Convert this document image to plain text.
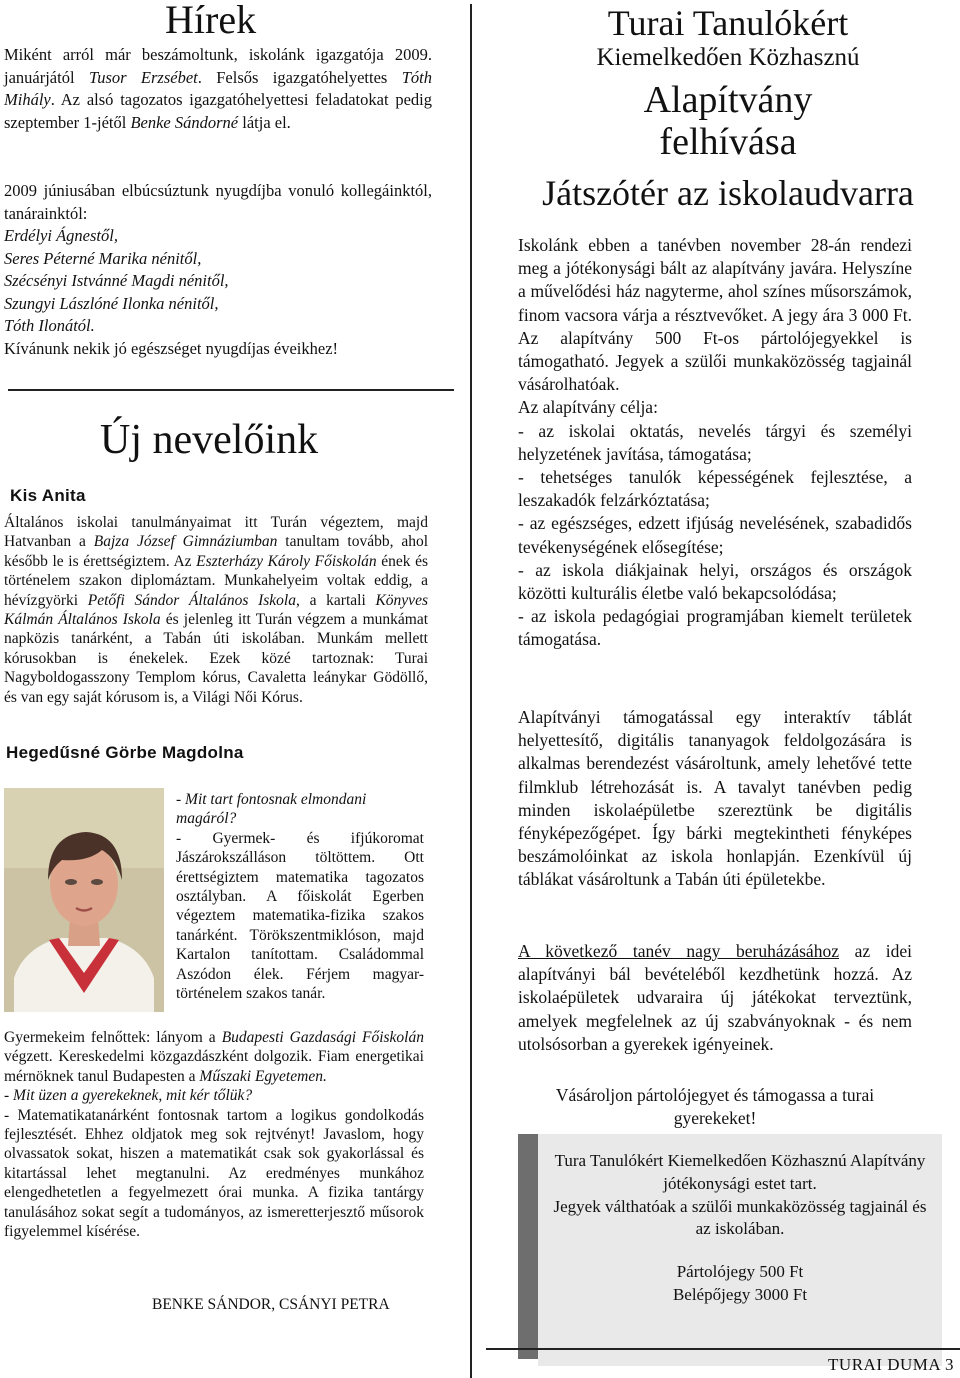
Hírek

Miként arról már beszámoltunk, iskolánk igazgatója 2009. januárjától Tusor Erzsébet. Felsős igazgatóhelyettes Tóth Mihály. Az alsó tagozatos igazgatóhelyettesi feladatokat pedig szeptember 1-jétől Benke Sándorné látja el.

2009 júniusában elbúcsúztunk nyugdíjba vonuló kollegáinktól, tanárainktól:

Erdélyi Ágnestől,
Seres Péterné Marika nénitől,
Szécsényi Istvánné Magdi nénitől,
Szungyi Lászlóné Ilonka nénitől,
Tóth Ilonától.

Kívánunk nekik jó egészséget nyugdíjas éveikhez!

Új nevelőink
Kis Anita

Általános iskolai tanulmányaimat itt Turán végeztem, majd Hatvanban a Bajza József Gimnáziumban tanultam tovább, ahol később le is érettségiztem. Az Eszterházy Károly Főiskolán ének és történelem szakon diplomáztam. Munkahelyeim voltak eddig, a hévízgyörki Petőfi Sándor Általános Iskola, a kartali Könyves Kálmán Általános Iskola és jelenleg itt Turán végzem a munkámat napközis tanárként, a Tabán úti iskolában. Munkám mellett kórusokban is énekelek. Ezek közé tartoznak: Turai Nagyboldogasszony Templom kórus, Cavaletta leánykar Gödöllő, és van egy saját kórusom is, a Világi Női Kórus.

Hegedűsné Görbe Magdolna

- Mit tart fontosnak elmondani magáról?

- Gyermek- és ifjúkoromat Jászárokszálláson töltöttem. Ott érettségiztem matematika tagozatos osztályban. A főiskolát Egerben végeztem matematika-fizika szakos tanárként. Törökszentmiklóson, majd Kartalon tanítottam. Családommal Aszódon élek. Férjem magyar-történelem szakos tanár.

Gyermekeim felnőttek: lányom a Budapesti Gazdasági Főiskolán végzett. Kereskedelmi közgazdászként dolgozik. Fiam energetikai mérnöknek tanul Budapesten a Műszaki Egyetemen.

- Mit üzen a gyerekeknek, mit kér tőlük?

- Matematikatanárként fontosnak tartom a logikus gondolkodás fejlesztését. Ehhez oldjatok meg sok rejtvényt! Javaslom, hogy olvassatok sokat, hiszen a matematikát csak sok gyakorlással és kitartással lehet megtanulni. Az eredményes munkához elengedhetetlen a fegyelmezett órai munka. A fizika tantárgy tanulásához sokat segít a tudományos, az ismeretterjesztő műsorok figyelemmel kísérése.

BENKE SÁNDOR, CSÁNYI PETRA
Turai Tanulókért
Kiemelkedően Közhasznú
Alapítvány
felhívása
Játszótér az iskolaudvarra

Iskolánk ebben a tanévben november 28-án rendezi meg a jótékonysági bált az alapítvány javára. Helyszíne a művelődési ház nagyterme, ahol színes műsorszámok, finom vacsora várja a résztvevőket. A jegy ára 3 000 Ft. Az alapítvány 500 Ft-os pártolójegyekkel is támogatható. Jegyek a szülői munkaközösség tagjainál vásárolhatóak.

Az alapítvány célja:

- az iskolai oktatás, nevelés tárgyi és személyi helyzetének javítása, támogatása;
- tehetséges tanulók képességének fejlesztése, a leszakadók felzárkóztatása;
- az egészséges, edzett ifjúság nevelésének, szabadidős tevékenységének elősegítése;
- az iskola diákjainak helyi, országos és országok közötti kulturális életbe való bekapcsolódása;
- az iskola pedagógiai programjában kiemelt területek támogatása.

Alapítványi támogatással egy interaktív táblát helyettesítő, digitális tananyagok feldolgozására is alkalmas berendezést vásároltunk, amely lehetővé tette filmklub létrehozását is. A tavalyt tanévben pedig minden iskolaépületbe szereztünk be digitális fényképezőgépet. Így bárki megtekintheti fényképes beszámolóinkat az iskola honlapján. Ezenkívül új táblákat vásároltunk a Tabán úti épületekbe.

A következő tanév nagy beruházásához az idei alapítványi bál bevételéből kezdhetünk hozzá. Az iskolaépületek udvaraira új játékokat terveztünk, amelyek megfelelnek az új szabványoknak - és nem utolsósorban a gyerekek igényeinek.

Vásároljon pártolójegyet és támogassa a turai gyerekeket!

Tura Tanulókért Kiemelkedően Közhasznú Alapítvány jótékonysági estet tart.
Jegyek válthatóak a szülői munkaközösség tagjainál és az iskolában.
Pártolójegy 500 Ft
Belépőjegy 3000 Ft
TURAI DUMA 3
